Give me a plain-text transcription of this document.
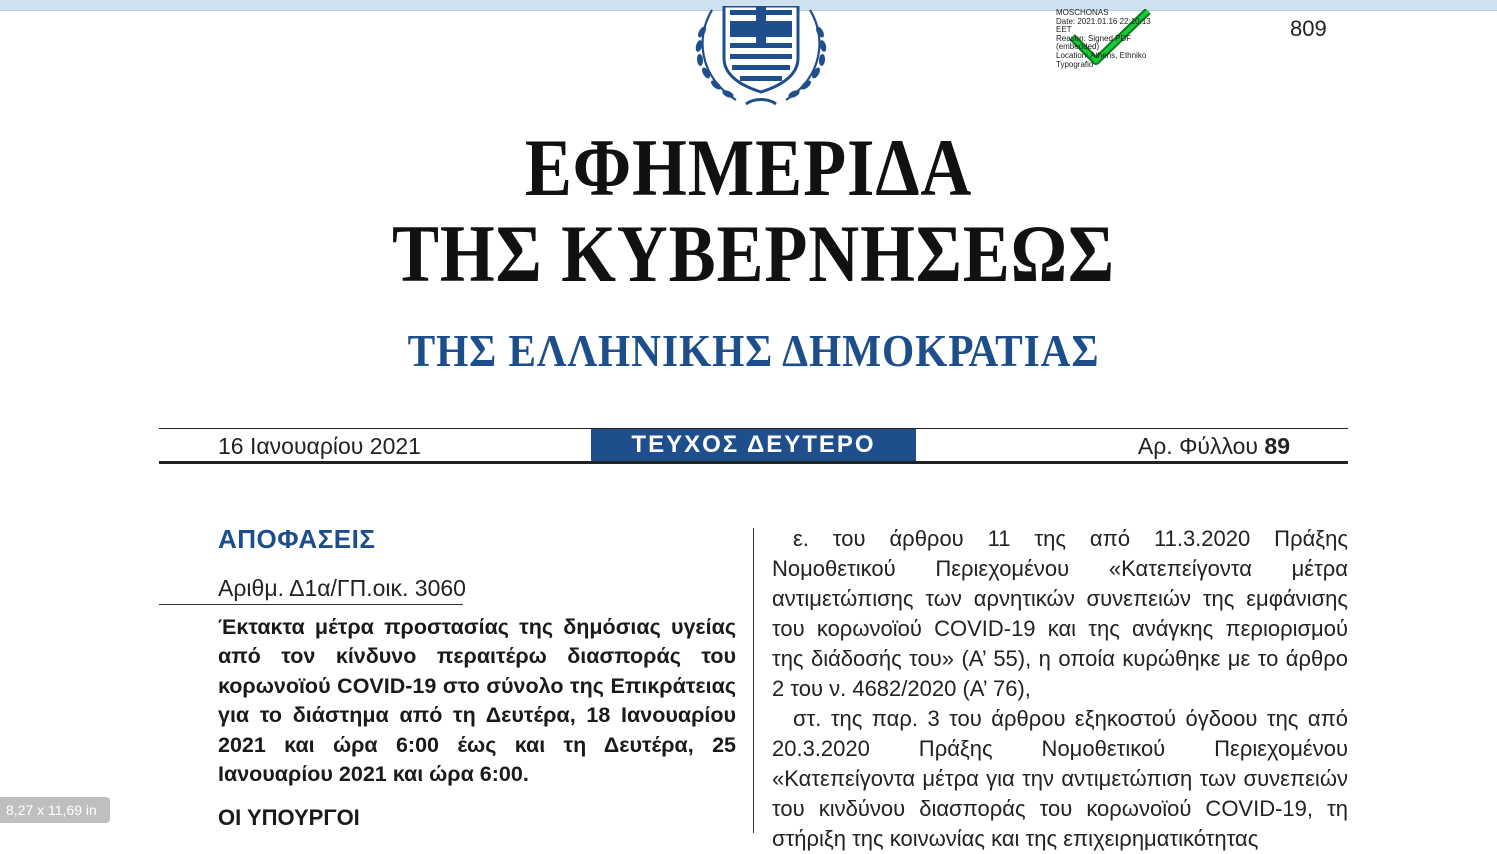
MOSCHONAS
Date: 2021.01.16 22:10:13
EET
Reason: Signed PDF
(embedded)
Location: Athens, Ethniko
Typografio
809
ΕΦΗΜΕΡΙΔΑ
ΤΗΣ ΚΥΒΕΡΝΗΣΕΩΣ
ΤΗΣ ΕΛΛΗΝΙΚΗΣ ΔΗΜΟΚΡΑΤΙΑΣ
16 Ιανουαρίου 2021	ΤΕΥΧΟΣ ΔΕΥΤΕΡΟ	Αρ. Φύλλου 89
ΑΠΟΦΑΣΕΙΣ
Αριθμ. Δ1α/ΓΠ.οικ. 3060
Έκτακτα μέτρα προστασίας της δημόσιας υγείας από τον κίνδυνο περαιτέρω διασποράς του κορωνοϊού COVID-19 στο σύνολο της Επικράτειας για το διάστημα από τη Δευτέρα, 18 Ιανουαρίου 2021 και ώρα 6:00 έως και τη Δευτέρα, 25 Ιανουαρίου 2021 και ώρα 6:00.
ΟΙ ΥΠΟΥΡΓΟΙ

ε. του άρθρου 11 της από 11.3.2020 Πράξης Νομοθετικού Περιεχομένου «Κατεπείγοντα μέτρα αντιμετώπισης των αρνητικών συνεπειών της εμφάνισης του κορωνοϊού COVID-19 και της ανάγκης περιορισμού της διάδοσής του» (Α’ 55), η οποία κυρώθηκε με το άρθρο 2 του ν. 4682/2020 (Α’ 76),

στ. της παρ. 3 του άρθρου εξηκοστού όγδοου της από 20.3.2020 Πράξης Νομοθετικού Περιεχομένου «Κατεπείγοντα μέτρα για την αντιμετώπιση των συνεπειών του κινδύνου διασποράς του κορωνοϊού COVID-19, τη στήριξη της κοινωνίας και της επιχειρηματικότητας

8,27 x 11,69 in
